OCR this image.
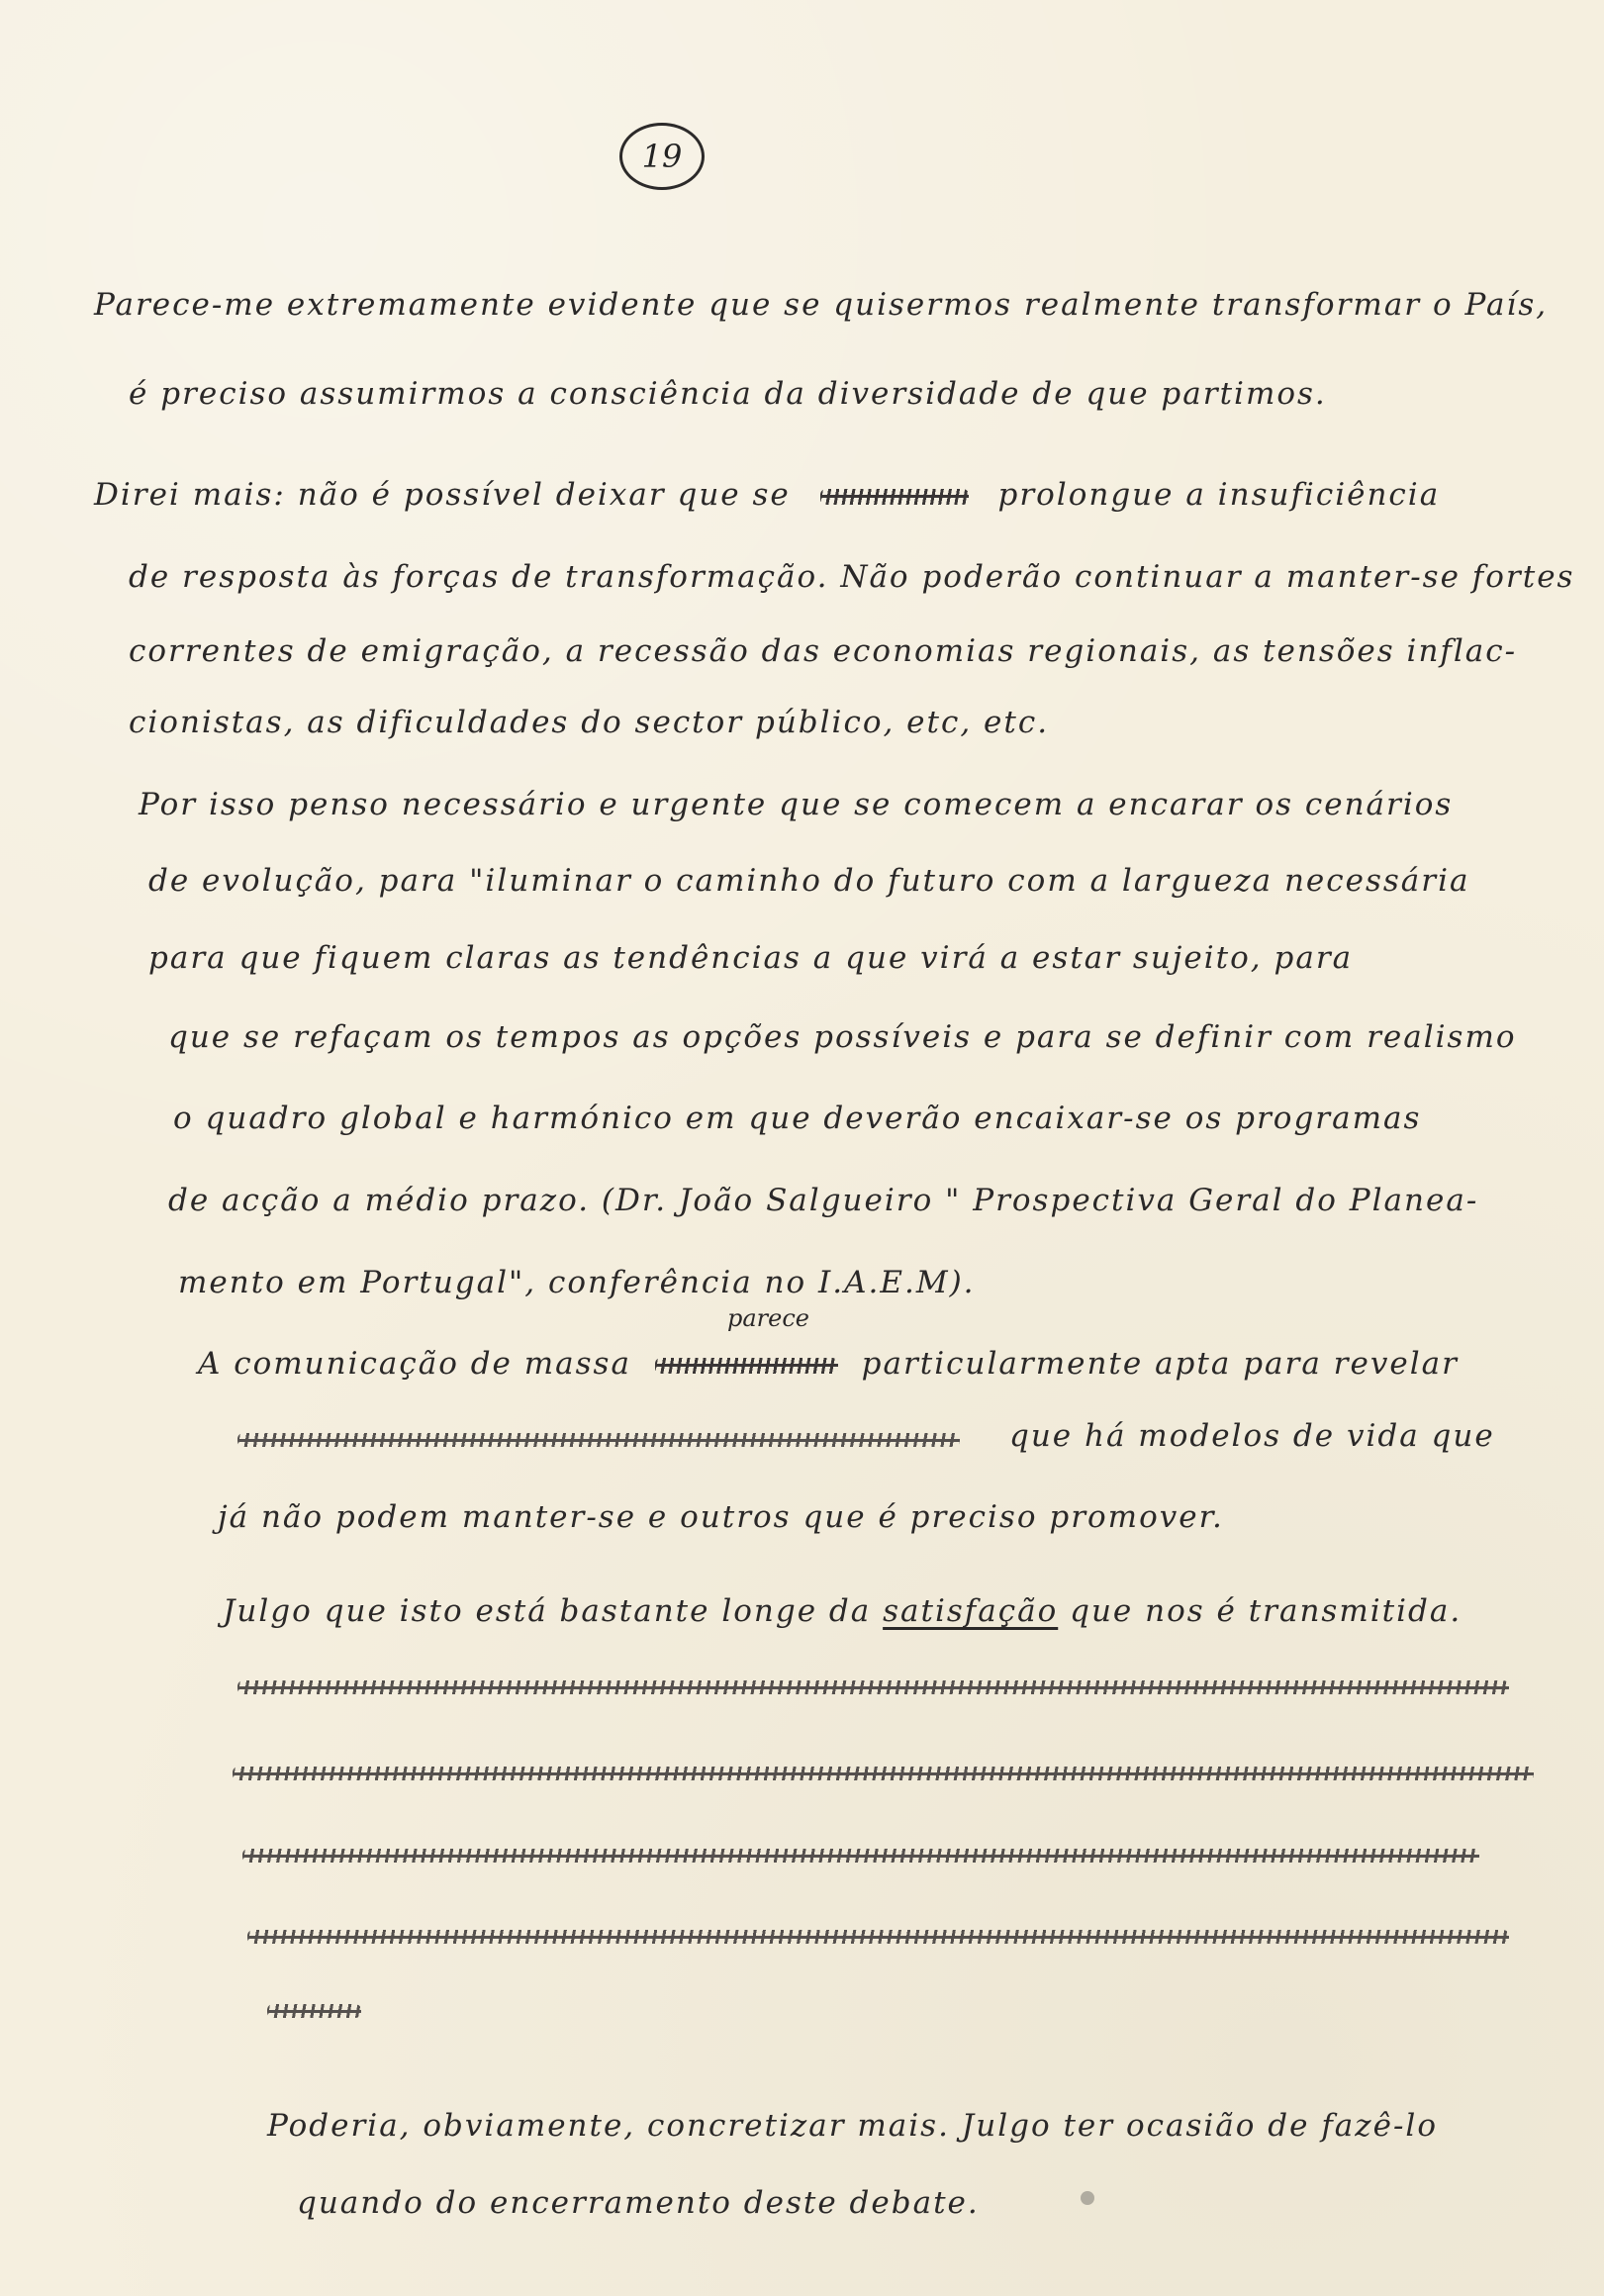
19
Parece-me extremamente evidente que se quisermos realmente transformar o País,
é preciso assumirmos a consciência da diversidade de que partimos.
Direi mais: não é possível deixar que se	prolongue a insuficiência
de resposta às forças de transformação. Não poderão continuar a manter-se fortes
correntes de emigração, a recessão das economias regionais, as tensões inflac-
cionistas, as dificuldades do sector público, etc, etc.
Por isso penso necessário e urgente que se comecem a encarar os cenários
de evolução, para "iluminar o caminho do futuro com a largueza necessária
para que fiquem claras as tendências a que virá a estar sujeito, para
que se refaçam os tempos as opções possíveis e para se definir com realismo
o quadro global e harmónico em que deverão encaixar-se os programas
de acção a médio prazo. (Dr. João Salgueiro " Prospectiva Geral do Planea-
mento em Portugal", conferência no I.A.E.M).
parece
A comunicação de massa	particularmente apta para revelar
que há modelos de vida que
já não podem manter-se e outros que é preciso promover.
Julgo que isto está bastante longe da satisfação que nos é transmitida.
Poderia, obviamente, concretizar mais. Julgo ter ocasião de fazê-lo
quando do encerramento deste debate.
